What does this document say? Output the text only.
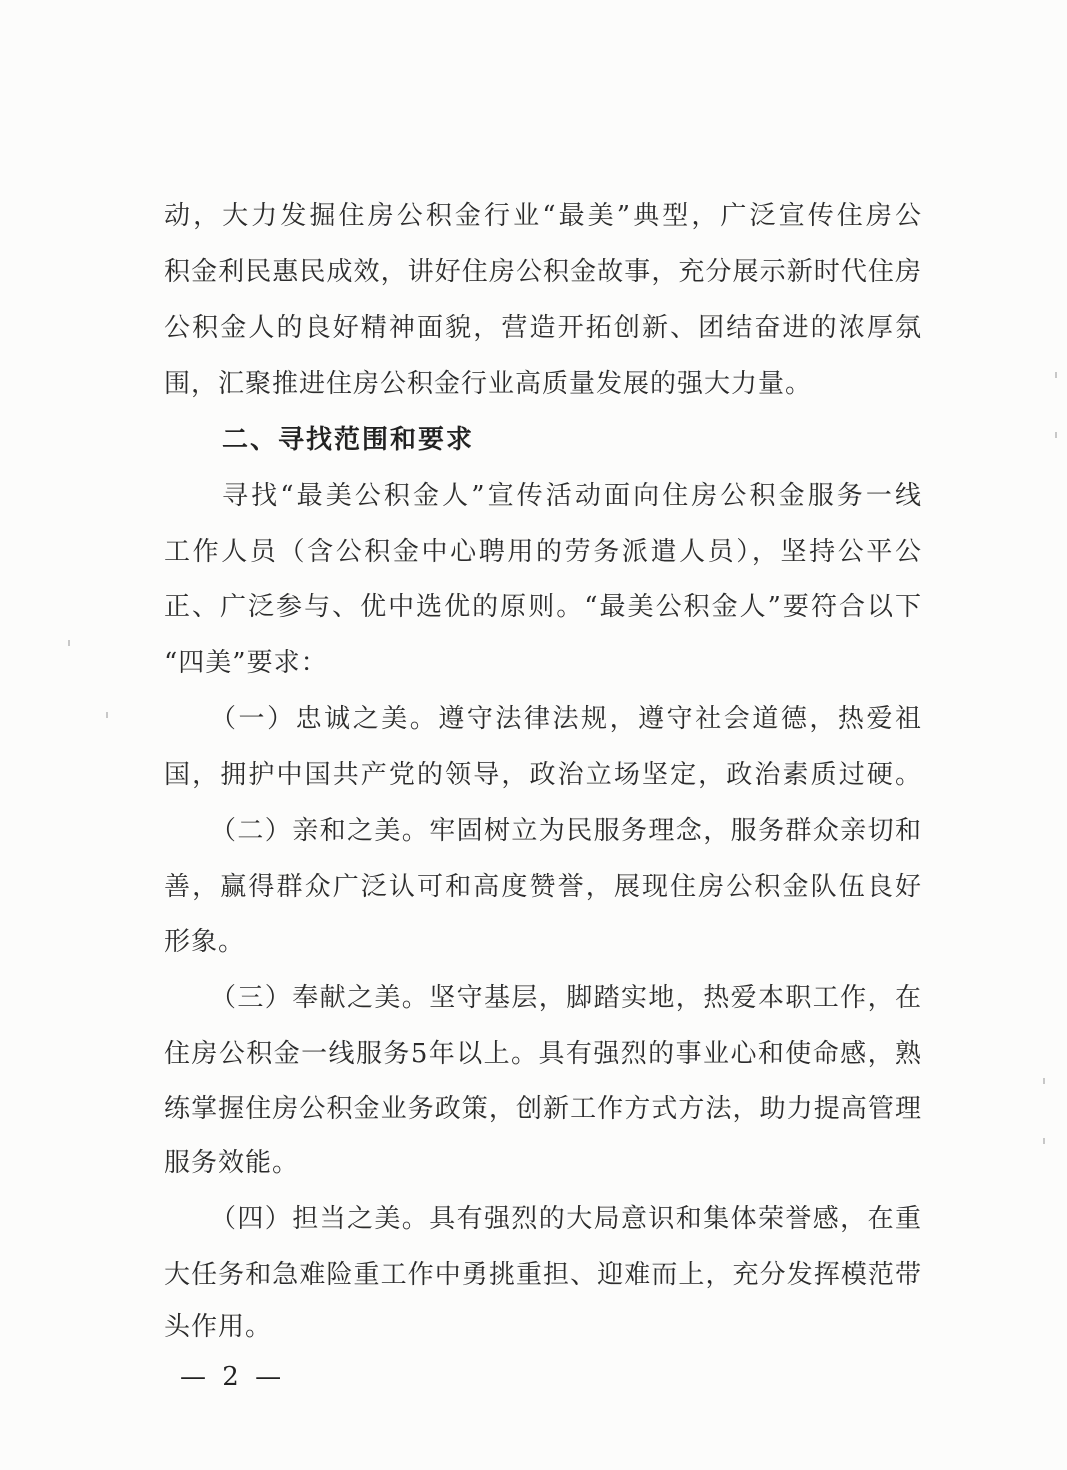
动，大力发掘住房公积金行业“最美”典型，广泛宣传住房公
积金利民惠民成效，讲好住房公积金故事，充分展示新时代住房
公积金人的良好精神面貌，营造开拓创新、团结奋进的浓厚氛
围，汇聚推进住房公积金行业高质量发展的强大力量。
二、寻找范围和要求
寻找“最美公积金人”宣传活动面向住房公积金服务一线
工作人员（含公积金中心聘用的劳务派遣人员），坚持公平公
正、广泛参与、优中选优的原则。“最美公积金人”要符合以下
“四美”要求：
（一）忠诚之美。遵守法律法规，遵守社会道德，热爱祖
国，拥护中国共产党的领导，政治立场坚定，政治素质过硬。
（二）亲和之美。牢固树立为民服务理念，服务群众亲切和
善，赢得群众广泛认可和高度赞誉，展现住房公积金队伍良好
形象。
（三）奉献之美。坚守基层，脚踏实地，热爱本职工作，在
住房公积金一线服务5年以上。具有强烈的事业心和使命感，熟
练掌握住房公积金业务政策，创新工作方式方法，助力提高管理
服务效能。
（四）担当之美。具有强烈的大局意识和集体荣誉感，在重
大任务和急难险重工作中勇挑重担、迎难而上，充分发挥模范带
头作用。
— 2 —
